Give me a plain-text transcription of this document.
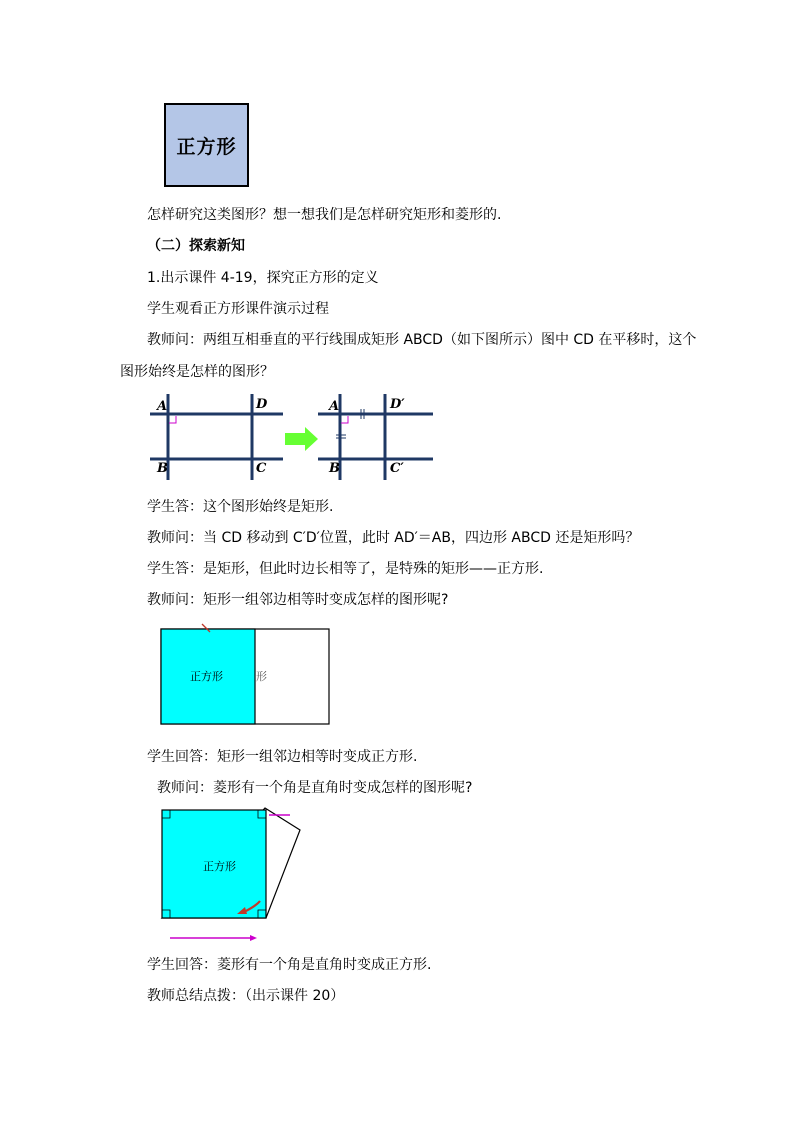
正方形
怎样研究这类图形？想一想我们是怎样研究矩形和菱形的.
（二）探索新知
1.出示课件 4-19，探究正方形的定义
学生观看正方形课件演示过程
教师问：两组互相垂直的平行线围成矩形 ABCD（如下图所示）图中 CD 在平移时，这个
图形始终是怎样的图形？
A	D
B	C
A	D′
B	C′
学生答：这个图形始终是矩形.
教师问：当 CD 移动到 C′D′位置，此时 AD′＝AB，四边形 ABCD 还是矩形吗？
学生答：是矩形，但此时边长相等了，是特殊的矩形——正方形.
教师问：矩形一组邻边相等时变成怎样的图形呢?
正方形	形
学生回答：矩形一组邻边相等时变成正方形.
教师问：菱形有一个角是直角时变成怎样的图形呢?
正方形
学生回答：菱形有一个角是直角时变成正方形.
教师总结点拨：（出示课件 20）
